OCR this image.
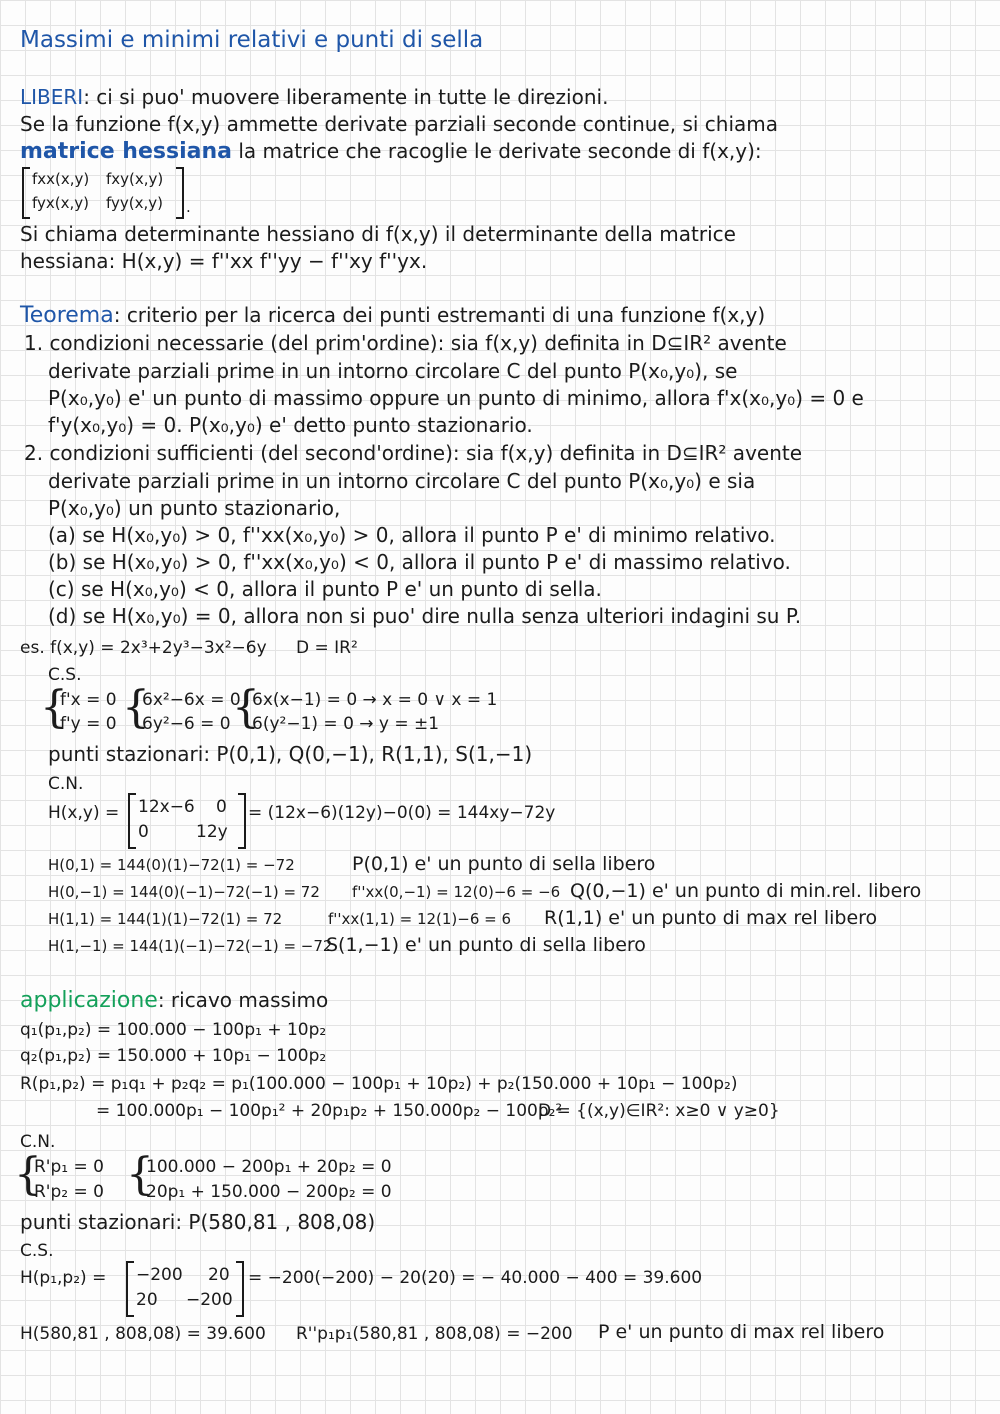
Massimi e minimi relativi e punti di sella
LIBERI: ci si puo' muovere liberamente in tutte le direzioni.
Se la funzione f(x,y) ammette derivate parziali seconde continue, si chiama
matrice hessiana la matrice che racoglie le derivate seconde di f(x,y):
fxx(x,y) fxy(x,y)
fyx(x,y) fyy(x,y) .
Si chiama determinante hessiano di f(x,y) il determinante della matrice
hessiana: H(x,y) = f''xx f''yy − f''xy f''yx.
Teorema: criterio per la ricerca dei punti estremanti di una funzione f(x,y)
1. condizioni necessarie (del prim'ordine): sia f(x,y) definita in D⊆IR² avente
derivate parziali prime in un intorno circolare C del punto P(x₀,y₀), se
P(x₀,y₀) e' un punto di massimo oppure un punto di minimo, allora f'x(x₀,y₀) = 0 e
f'y(x₀,y₀) = 0. P(x₀,y₀) e' detto punto stazionario.
2. condizioni sufficienti (del second'ordine): sia f(x,y) definita in D⊆IR² avente
derivate parziali prime in un intorno circolare C del punto P(x₀,y₀) e sia
P(x₀,y₀) un punto stazionario,
(a) se H(x₀,y₀) > 0, f''xx(x₀,y₀) > 0, allora il punto P e' di minimo relativo.
(b) se H(x₀,y₀) > 0, f''xx(x₀,y₀) < 0, allora il punto P e' di massimo relativo.
(c) se H(x₀,y₀) < 0, allora il punto P e' un punto di sella.
(d) se H(x₀,y₀) = 0, allora non si puo' dire nulla senza ulteriori indagini su P.
es. f(x,y) = 2x³+2y³−3x²−6y D = IR²
C.S.
{
f'x = 0
f'y = 0 {
6x²−6x = 0
6y²−6 = 0 {
6x(x−1) = 0 → x = 0 ∨ x = 1
6(y²−1) = 0 → y = ±1
punti stazionari: P(0,1), Q(0,−1), R(1,1), S(1,−1)
C.N.
H(x,y) = 12x−6 0
0	12y
= (12x−6)(12y)−0(0) = 144xy−72y
H(0,1) = 144(0)(1)−72(1) = −72	P(0,1) e' un punto di sella libero
H(0,−1) = 144(0)(−1)−72(−1) = 72 f''xx(0,−1) = 12(0)−6 = −6 Q(0,−1) e' un punto di min.rel. libero
H(1,1) = 144(1)(1)−72(1) = 72	f''xx(1,1) = 12(1)−6 = 6 R(1,1) e' un punto di max rel libero
H(1,−1) = 144(1)(−1)−72(−1) = −72
S(1,−1) e' un punto di sella libero
applicazione: ricavo massimo
q₁(p₁,p₂) = 100.000 − 100p₁ + 10p₂
q₂(p₁,p₂) = 150.000 + 10p₁ − 100p₂
R(p₁,p₂) = p₁q₁ + p₂q₂ = p₁(100.000 − 100p₁ + 10p₂) + p₂(150.000 + 10p₁ − 100p₂)
= 100.000p₁ − 100p₁² + 20p₁p₂ + 150.000p₂ − 100p₂²
D = {(x,y)∈IR²: x≥0 ∨ y≥0}
C.N.
{
R'p₁ = 0
R'p₂ = 0 {
100.000 − 200p₁ + 20p₂ = 0
20p₁ + 150.000 − 200p₂ = 0
punti stazionari: P(580,81 , 808,08)
C.S.
H(p₁,p₂) = −200 20
20 −200
= −200(−200) − 20(20) = − 40.000 − 400 = 39.600
H(580,81 , 808,08) = 39.600 R''p₁p₁(580,81 , 808,08) = −200 P e' un punto di max rel libero
